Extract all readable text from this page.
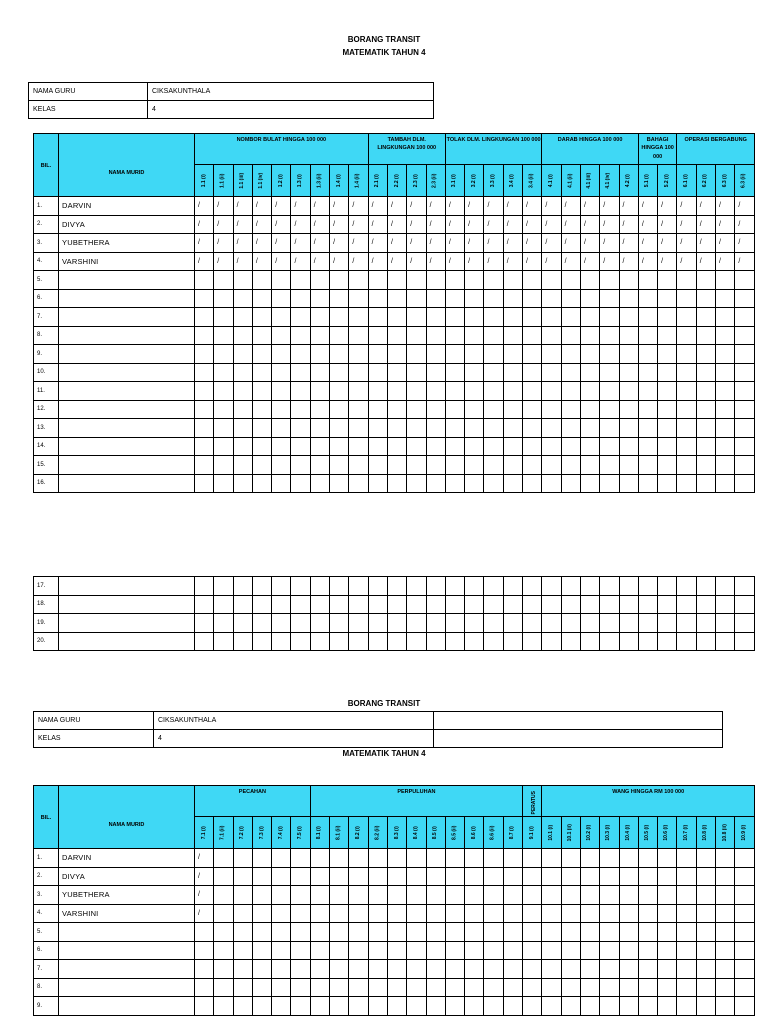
BORANG TRANSIT
MATEMATIK TAHUN 4
NAMA GURU	CIKSAKUNTHALA
KELAS	4
BIL.	NAMA MURID	NOMBOR BULAT HINGGA 100 000									TAMBAH DLM. LINGKUNGAN 100 000				TOLAK DLM. LINGKUNGAN 100 000					DARAB HINGGA 100 000					BAHAGI HINGGA 100 000		OPERASI BERGABUNG			
		1.1 (i)	1.1 (ii)	1.1 (iii)	1.1 (iv)	1.2 (i)	1.3 (i)	1.3 (ii)	1.4 (i)	1.4 (ii)	2.1 (i)	2.2 (i)	2.3 (i)	2.3 (ii)	3.1 (i)	3.2 (i)	3.3 (i)	3.4 (i)	3.4 (ii)	4.1 (i)	4.1 (ii)	4.1 (iii)	4.1 (iv)	4.2 (i)	5.1 (i)	5.2 (i)	6.1 (i)	6.2 (i)	6.3 (i)	6.3 (ii)
1.	DARVIN	/	/	/	/	/	/	/	/	/	/	/	/	/	/	/	/	/	/	/	/	/	/	/	/	/	/	/	/	/
2.	DIVYA	/	/	/	/	/	/	/	/	/	/	/	/	/	/	/	/	/	/	/	/	/	/	/	/	/	/	/	/	/
3.	YUBETHERA	/	/	/	/	/	/	/	/	/	/	/	/	/	/	/	/	/	/	/	/	/	/	/	/	/	/	/	/	/
4.	VARSHINI	/	/	/	/	/	/	/	/	/	/	/	/	/	/	/	/	/	/	/	/	/	/	/	/	/	/	/	/	/
5.																														
6.																														
7.																														
8.																														
9.																														
10.																														
11.																														
12.																														
13.																														
14.																														
15.																														
16.																														
17.																														
18.																														
19.																														
20.																														
BORANG TRANSIT
NAMA GURU	CIKSAKUNTHALA	
KELAS	4	
MATEMATIK TAHUN 4
BIL.	NAMA MURID	PECAHAN						PERPULUHAN											PERATUS	WANG HINGGA RM 100 000										
		7.1 (i)	7.1 (ii)	7.2 (i)	7.3 (i)	7.4 (i)	7.5 (i)	8.1 (i)	8.1 (ii)	8.2 (i)	8.2 (ii)	8.3 (i)	8.4 (i)	8.5 (i)	8.5 (ii)	8.6 (i)	8.6 (ii)	8.7 (i)	9.1 (i)	10.1 (i)	10.1 (ii)	10.2 (i)	10.3 (i)	10.4 (i)	10.5 (i)	10.6 (i)	10.7 (i)	10.8 (i)	10.8 (ii)	10.9 (i)
1.	DARVIN	/																												
2.	DIVYA	/																												
3.	YUBETHERA	/																												
4.	VARSHINI	/																												
5.																														
6.																														
7.																														
8.																														
9.																														
